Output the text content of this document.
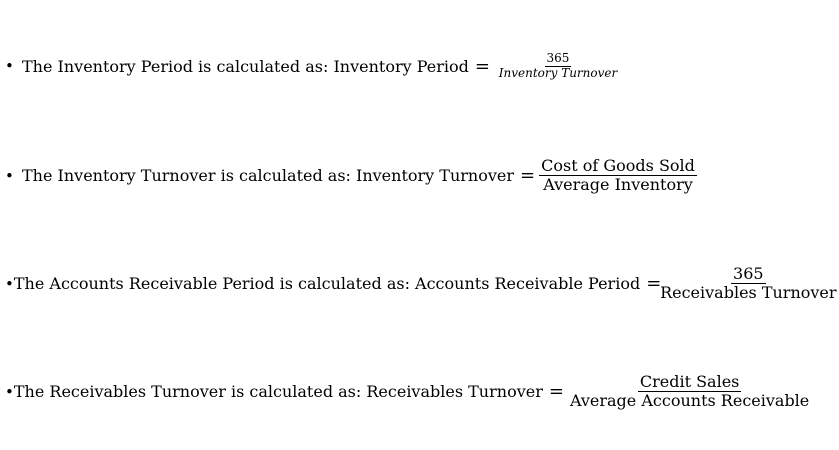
• The Inventory Period is calculated as: Inventory Period = $\frac{365}{\text{Inventory Turnover}}$
• The Inventory Turnover is calculated as: Inventory Turnover = $\frac{\text{Cost of Goods Sold}}{\text{Average Inventory}}$
• The Accounts Receivable Period is calculated as: Accounts Receivable Period = $\frac{365}{\text{Receivables Turnover}}$
• The Receivables Turnover is calculated as: Receivables Turnover = $\frac{\text{Credit Sales}}{\text{Average Accounts Receivable}}$
